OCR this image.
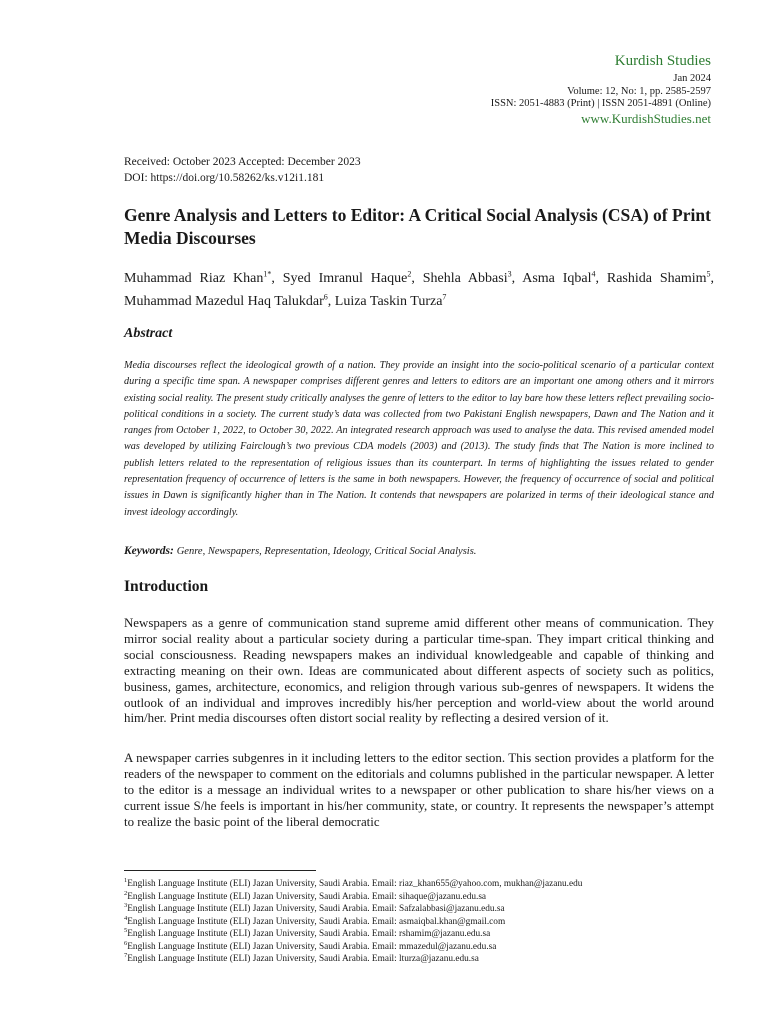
Kurdish Studies
Jan 2024
Volume: 12, No: 1, pp. 2585-2597
ISSN: 2051-4883 (Print) | ISSN 2051-4891 (Online)
www.KurdishStudies.net
Received: October 2023 Accepted: December 2023
DOI: https://doi.org/10.58262/ks.v12i1.181
Genre Analysis and Letters to Editor: A Critical Social Analysis (CSA) of Print Media Discourses
Muhammad Riaz Khan$^{1*}$, Syed Imranul Haque$^2$, Shehla Abbasi$^3$, Asma Iqbal$^4$, Rashida Shamim$^5$, Muhammad Mazedul Haq Talukdar$^6$, Luiza Taskin Turza$^7$
Abstract

Media discourses reflect the ideological growth of a nation. They provide an insight into the socio-political scenario of a particular context during a specific time span. A newspaper comprises different genres and letters to editors are an important one among others and it mirrors existing social reality. The present study critically analyses the genre of letters to the editor to lay bare how these letters reflect prevailing socio-political conditions in a society. The current study’s data was collected from two Pakistani English newspapers, Dawn and The Nation and it ranges from October 1, 2022, to October 30, 2022. An integrated research approach was used to analyse the data. This revised amended model was developed by utilizing Fairclough’s two previous CDA models (2003) and (2013). The study finds that The Nation is more inclined to publish letters related to the representation of religious issues than its counterpart. In terms of highlighting the issues related to gender representation frequency of occurrence of letters is the same in both newspapers. However, the frequency of occurrence of social and political issues in Dawn is significantly higher than in The Nation. It contends that newspapers are polarized in terms of their ideological stance and invest ideology accordingly.

Keywords: Genre, Newspapers, Representation, Ideology, Critical Social Analysis.
Introduction

Newspapers as a genre of communication stand supreme amid different other means of communication. They mirror social reality about a particular society during a particular time-span. They impart critical thinking and social consciousness. Reading newspapers makes an individual knowledgeable and capable of thinking and extracting meaning on their own. Ideas are communicated about different aspects of society such as politics, business, games, architecture, economics, and religion through various sub-genres of newspapers. It widens the outlook of an individual and improves incredibly his/her perception and world-view about the world around him/her. Print media discourses often distort social reality by reflecting a desired version of it.

A newspaper carries subgenres in it including letters to the editor section. This section provides a platform for the readers of the newspaper to comment on the editorials and columns published in the particular newspaper. A letter to the editor is a message an individual writes to a newspaper or other publication to share his/her views on a current issue S/he feels is important in his/her community, state, or country. It represents the newspaper’s attempt to realize the basic point of the liberal democratic

$^1$English Language Institute (ELI) Jazan University, Saudi Arabia. Email: riaz_khan655@yahoo.com, mukhan@jazanu.edu
$^2$English Language Institute (ELI) Jazan University, Saudi Arabia. Email: sihaque@jazanu.edu.sa
$^3$English Language Institute (ELI) Jazan University, Saudi Arabia. Email: Safzalabbasi@jazanu.edu.sa
$^4$English Language Institute (ELI) Jazan University, Saudi Arabia. Email: asmaiqbal.khan@gmail.com
$^5$English Language Institute (ELI) Jazan University, Saudi Arabia. Email: rshamim@jazanu.edu.sa
$^6$English Language Institute (ELI) Jazan University, Saudi Arabia. Email: mmazedul@jazanu.edu.sa
$^7$English Language Institute (ELI) Jazan University, Saudi Arabia. Email: lturza@jazanu.edu.sa
